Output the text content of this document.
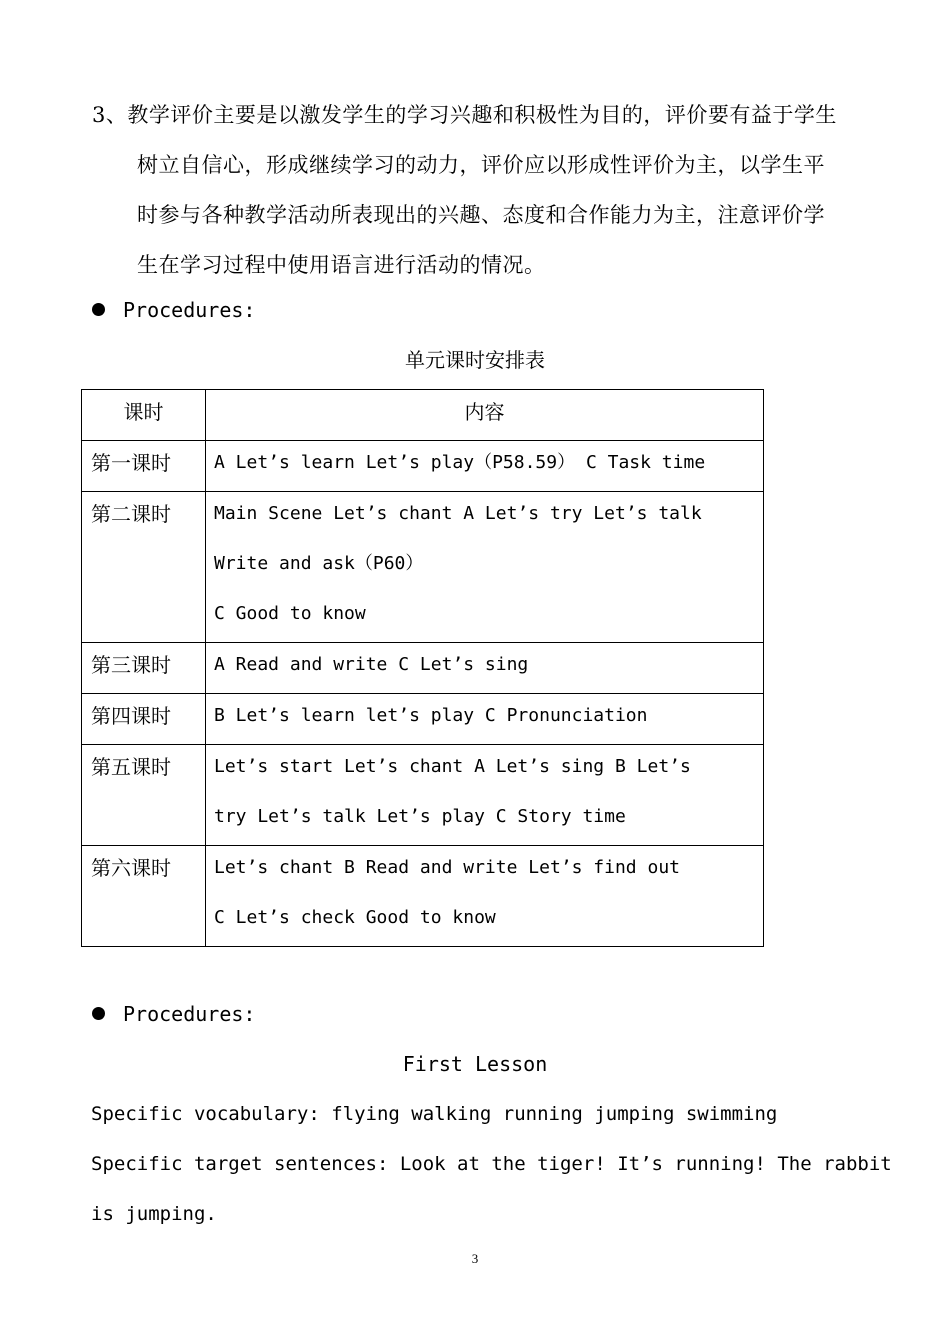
3、教学评价主要是以激发学生的学习兴趣和积极性为目的，评价要有益于学生
树立自信心，形成继续学习的动力，评价应以形成性评价为主，以学生平
时参与各种教学活动所表现出的兴趣、态度和合作能力为主，注意评价学
生在学习过程中使用语言进行活动的情况。
Procedures:
单元课时安排表
课时	内容
第一课时	A Let’s learn Let’s play（P58.59） C Task time

第二课时	Main Scene Let’s chant A Let’s try Let’s talk
Write and ask（P60）
C Good to know

第三课时	A Read and write C Let’s sing

第四课时	B Let’s learn let’s play C Pronunciation

第五课时	Let’s start Let’s chant A Let’s sing B Let’s
try Let’s talk Let’s play C Story time

第六课时	Let’s chant B Read and write Let’s find out
C Let’s check Good to know
Procedures:
First Lesson
Specific vocabulary: flying walking running jumping swimming
Specific target sentences: Look at the tiger! It’s running! The rabbit
is jumping.
3
